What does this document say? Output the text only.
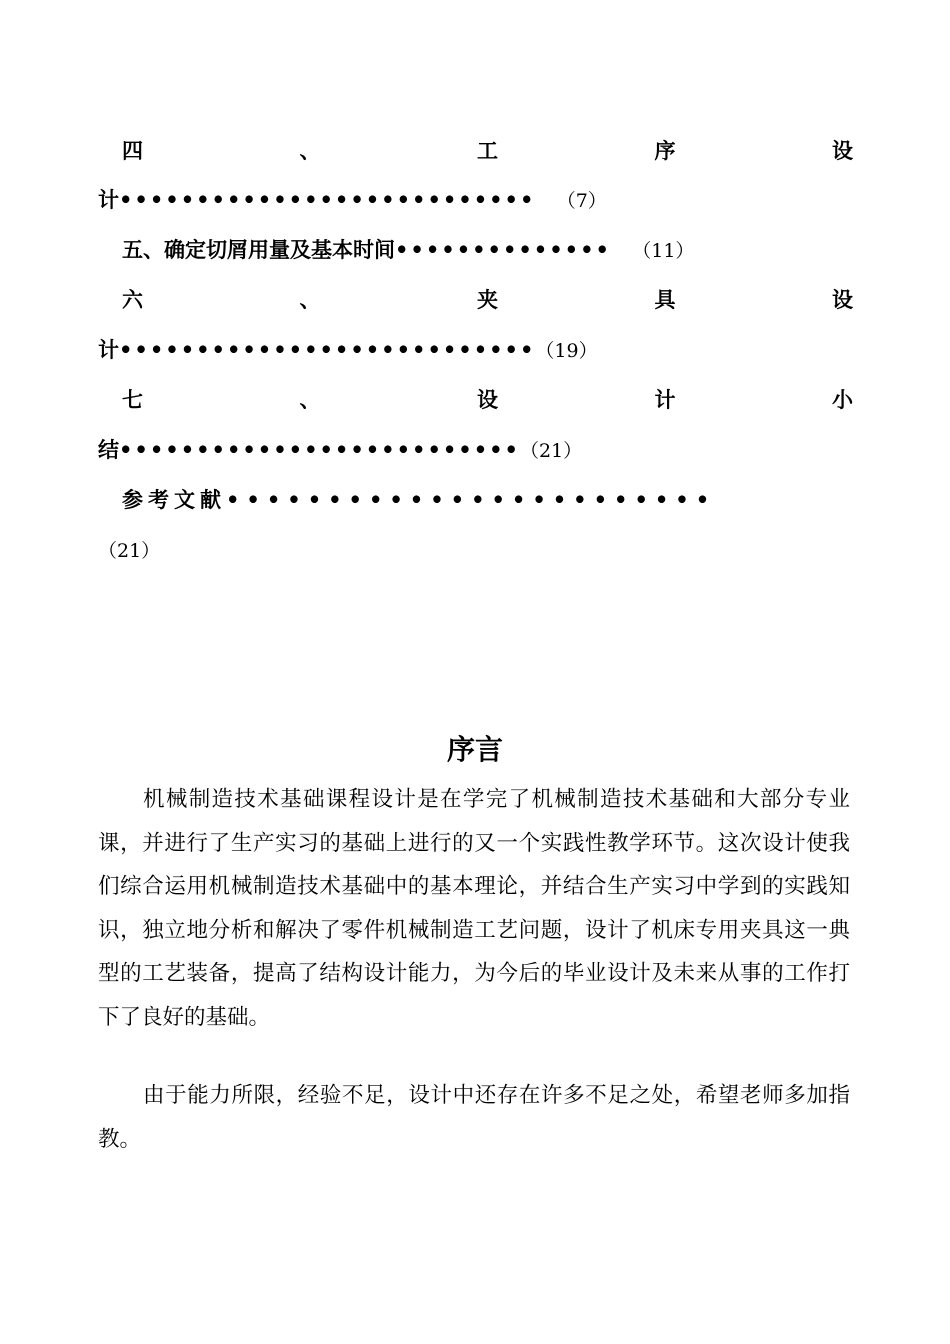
四	、	工	序	设
计••••••••••••••••••••••••••• （7）
五、确定切屑用量及基本时间•••••••••••••• （11）
六	、	夹	具	设
计•••••••••••••••••••••••••••（19）
七	、	设	计	小
结••••••••••••••••••••••••••（21）
参考文献••••••••••••••••••••••••
（21）
序言

机械制造技术基础课程设计是在学完了机械制造技术基础和大部分专业课，并进行了生产实习的基础上进行的又一个实践性教学环节。这次设计使我们综合运用机械制造技术基础中的基本理论，并结合生产实习中学到的实践知识，独立地分析和解决了零件机械制造工艺问题，设计了机床专用夹具这一典型的工艺装备，提高了结构设计能力，为今后的毕业设计及未来从事的工作打下了良好的基础。

由于能力所限，经验不足，设计中还存在许多不足之处，希望老师多加指教。
